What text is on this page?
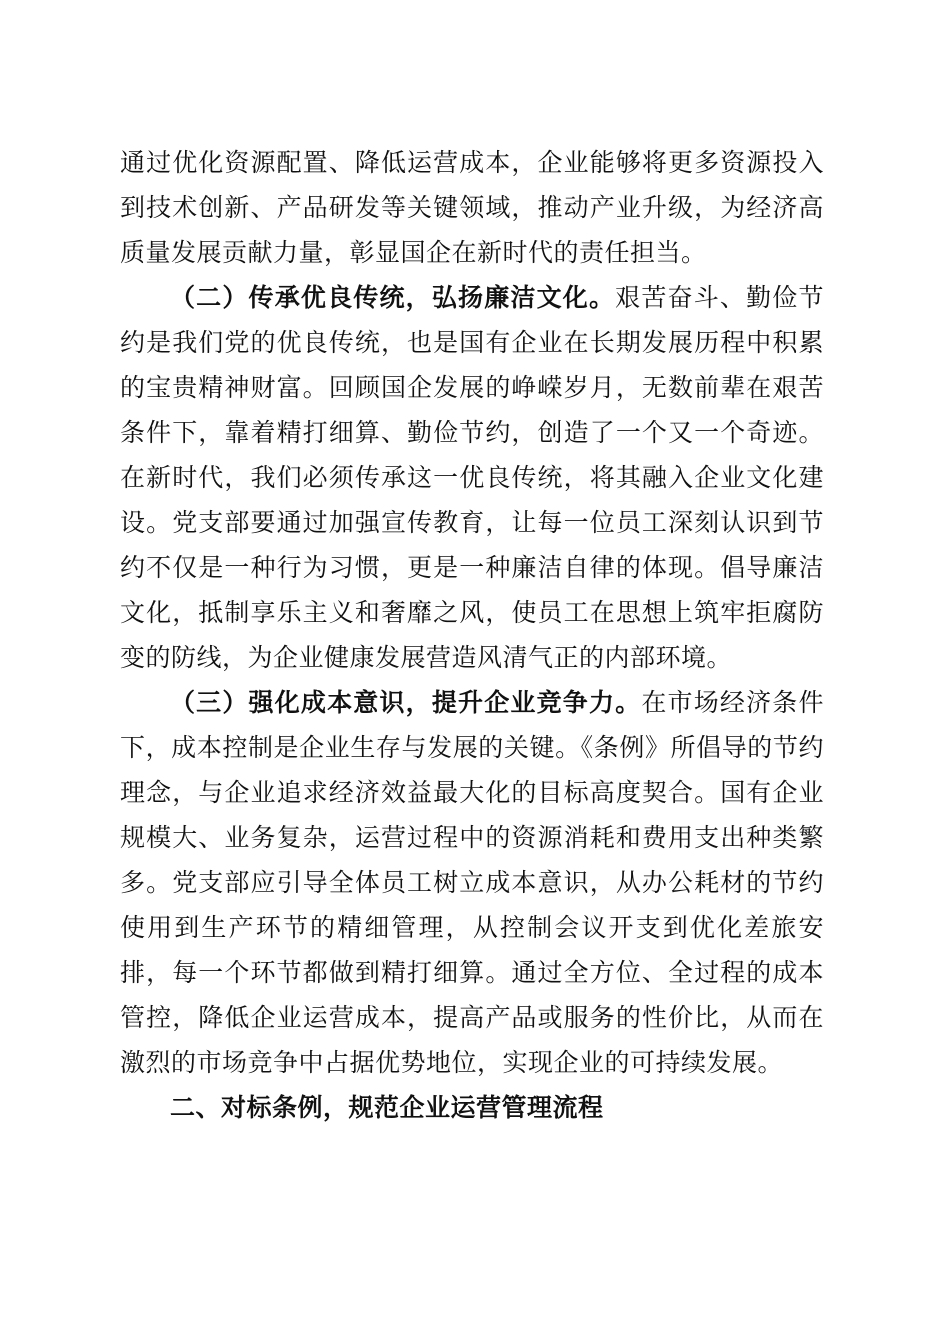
通过优化资源配置、降低运营成本，企业能够将更多资源投入到技术创新、产品研发等关键领域，推动产业升级，为经济高质量发展贡献力量，彰显国企在新时代的责任担当。

（二）传承优良传统，弘扬廉洁文化。艰苦奋斗、勤俭节约是我们党的优良传统，也是国有企业在长期发展历程中积累的宝贵精神财富。回顾国企发展的峥嵘岁月，无数前辈在艰苦条件下，靠着精打细算、勤俭节约，创造了一个又一个奇迹。在新时代，我们必须传承这一优良传统，将其融入企业文化建设。党支部要通过加强宣传教育，让每一位员工深刻认识到节约不仅是一种行为习惯，更是一种廉洁自律的体现。倡导廉洁文化，抵制享乐主义和奢靡之风，使员工在思想上筑牢拒腐防变的防线，为企业健康发展营造风清气正的内部环境。

（三）强化成本意识，提升企业竞争力。在市场经济条件下，成本控制是企业生存与发展的关键。《条例》所倡导的节约理念，与企业追求经济效益最大化的目标高度契合。国有企业规模大、业务复杂，运营过程中的资源消耗和费用支出种类繁多。党支部应引导全体员工树立成本意识，从办公耗材的节约使用到生产环节的精细管理，从控制会议开支到优化差旅安排，每一个环节都做到精打细算。通过全方位、全过程的成本管控，降低企业运营成本，提高产品或服务的性价比，从而在激烈的市场竞争中占据优势地位，实现企业的可持续发展。

二、对标条例，规范企业运营管理流程
